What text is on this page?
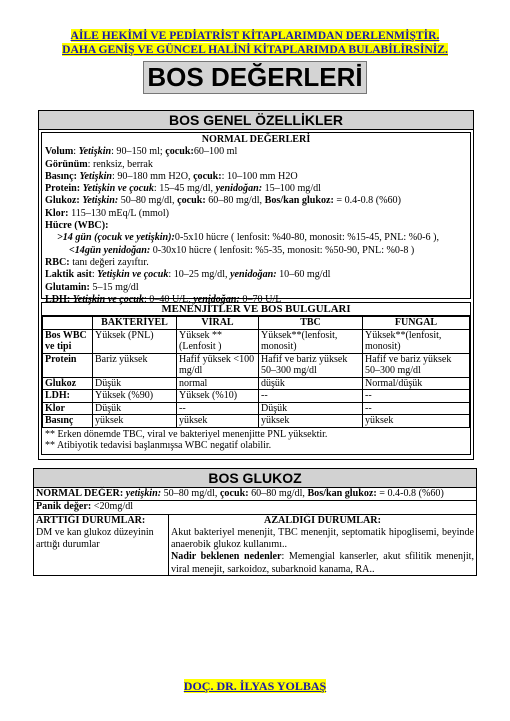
AİLE HEKİMİ VE PEDİATRİST KİTAPLARIMDAN DERLENMİŞTİR.
DAHA GENİŞ VE GÜNCEL HALİNİ KİTAPLARIMDA BULABİLİRSİNİZ.
BOS DEĞERLERİ
BOS GENEL ÖZELLİKLER
NORMAL DEĞERLERİ
Volum: Yetişkin: 90–150 ml; çocuk:60–100 ml
Görünüm: renksiz, berrak
Basınç: Yetişkin: 90–180 mm H2O, çocuk:: 10–100 mm H2O
Protein: Yetişkin ve çocuk: 15–45 mg/dl, yenidoğan: 15–100 mg/dl
Glukoz: Yetişkin: 50–80 mg/dl, çocuk: 60–80 mg/dl, Bos/kan glukoz: = 0.4-0.8 (%60)
Klor: 115–130 mEq/L (mmol)
Hücre (WBC):
>14 gün (çocuk ve yetişkin):0-5x10 hücre ( lenfosit: %40-80, monosit: %15-45, PNL: %0-6 ),
<14gün yenidoğan: 0-30x10 hücre ( lenfosit: %5-35, monosit: %50-90, PNL: %0-8 )
RBC: tanı değeri zayıftır.
Laktik asit: Yetişkin ve çocuk: 10–25 mg/dl, yenidoğan: 10–60 mg/dl
Glutamin: 5–15 mg/dl
LDH: Yetişkin ve çocuk: 0–40 U/L, yenidoğan: 0–70 U/L
MENENJİTLER VE BOS BULGULARI
	BAKTERİYEL	VİRAL	TBC	FUNGAL
Bos WBC ve tipi	Yüksek (PNL)	Yüksek ** (Lenfosit )	Yüksek**(lenfosit, monosit)	Yüksek**(lenfosit, monosit)
Protein	Bariz yüksek	Hafif yüksek <100 mg/dl	Hafif ve bariz yüksek 50–300 mg/dl	Hafif ve bariz yüksek 50–300 mg/dl
Glukoz	Düşük	normal	düşük	Normal/düşük
LDH:	Yüksek (%90)	Yüksek (%10)	--	--
Klor	Düşük	--	Düşük	--
Basınç	yüksek	yüksek	yüksek	yüksek
** Erken dönemde TBC, viral ve bakteriyel menenjitte PNL yüksektir.
** Atibiyotik tedavisi başlanmışsa WBC negatif olabilir.
BOS GLUKOZ
NORMAL DEĞER: yetişkin: 50–80 mg/dl, çocuk: 60–80 mg/dl, Bos/kan glukoz: = 0.4-0.8 (%60)
Panik değer: <20mg/dl
ARTTIĞI DURUMLAR:
DM ve kan glukoz düzeyinin arttığı durumlar
AZALDIĞI DURUMLAR:
Akut bakteriyel menenjit, TBC menenjit, septomatik hipoglisemi, beyinde anaerobik glukoz kullanımı..
Nadir beklenen nedenler: Memengial kanserler, akut sfilitik menenjit, viral menejit, sarkoidoz, subarknoid kanama, RA..
DOÇ. DR. İLYAS YOLBAŞ
